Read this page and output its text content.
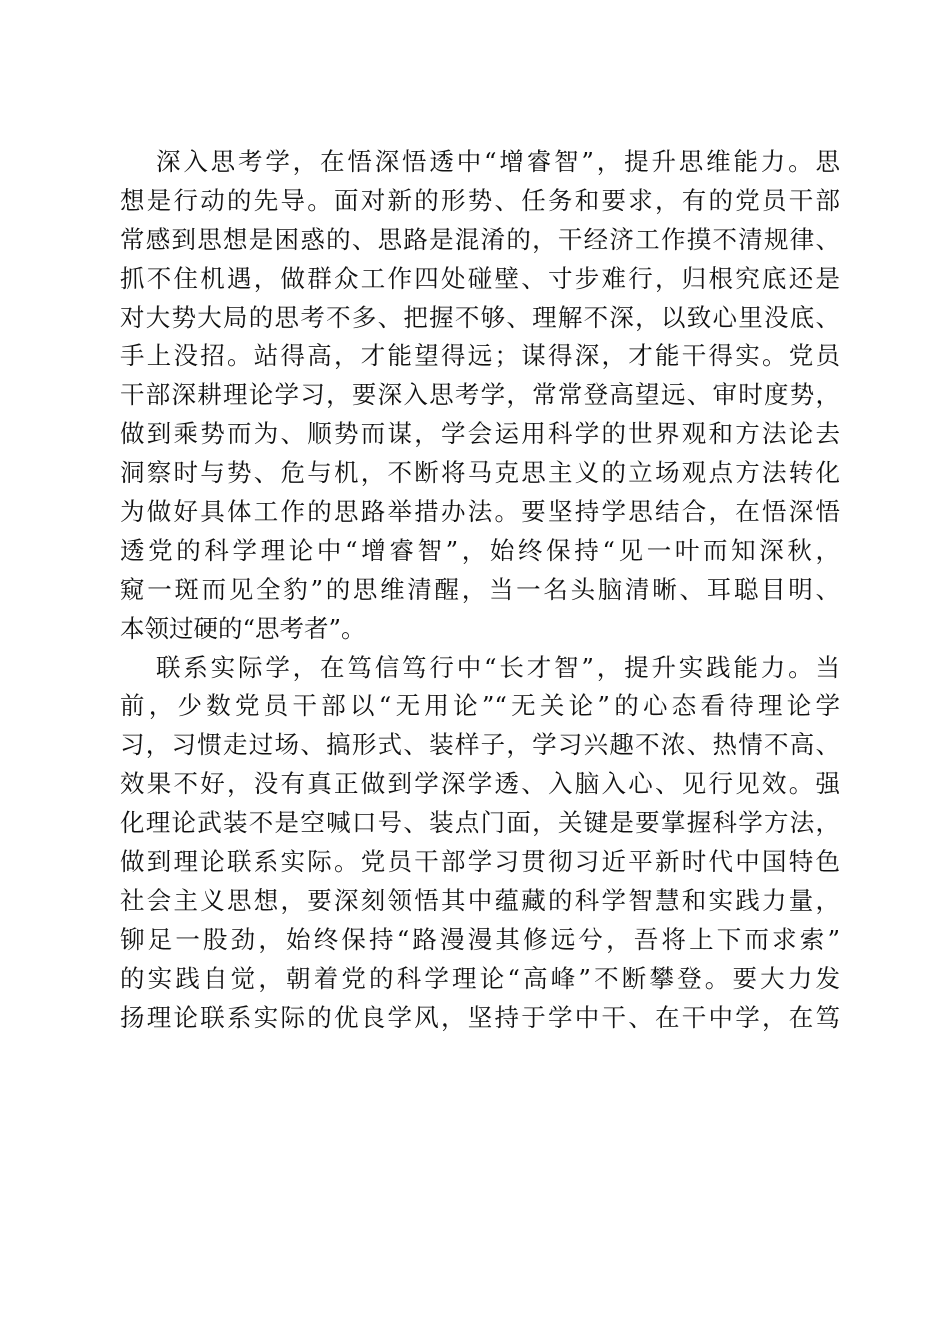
深入思考学，在悟深悟透中“增睿智”，提升思维能力。思
想是行动的先导。面对新的形势、任务和要求，有的党员干部
常感到思想是困惑的、思路是混淆的，干经济工作摸不清规律、
抓不住机遇，做群众工作四处碰壁、寸步难行，归根究底还是
对大势大局的思考不多、把握不够、理解不深，以致心里没底、
手上没招。站得高，才能望得远；谋得深，才能干得实。党员
干部深耕理论学习，要深入思考学，常常登高望远、审时度势，
做到乘势而为、顺势而谋，学会运用科学的世界观和方法论去
洞察时与势、危与机，不断将马克思主义的立场观点方法转化
为做好具体工作的思路举措办法。要坚持学思结合，在悟深悟
透党的科学理论中“增睿智”，始终保持“见一叶而知深秋，
窥一斑而见全豹”的思维清醒，当一名头脑清晰、耳聪目明、
本领过硬的“思考者”。
联系实际学，在笃信笃行中“长才智”，提升实践能力。当
前，少数党员干部以“无用论”“无关论”的心态看待理论学
习，习惯走过场、搞形式、装样子，学习兴趣不浓、热情不高、
效果不好，没有真正做到学深学透、入脑入心、见行见效。强
化理论武装不是空喊口号、装点门面，关键是要掌握科学方法，
做到理论联系实际。党员干部学习贯彻习近平新时代中国特色
社会主义思想，要深刻领悟其中蕴藏的科学智慧和实践力量，
铆足一股劲，始终保持“路漫漫其修远兮，吾将上下而求索”
的实践自觉，朝着党的科学理论“高峰”不断攀登。要大力发
扬理论联系实际的优良学风，坚持于学中干、在干中学，在笃
